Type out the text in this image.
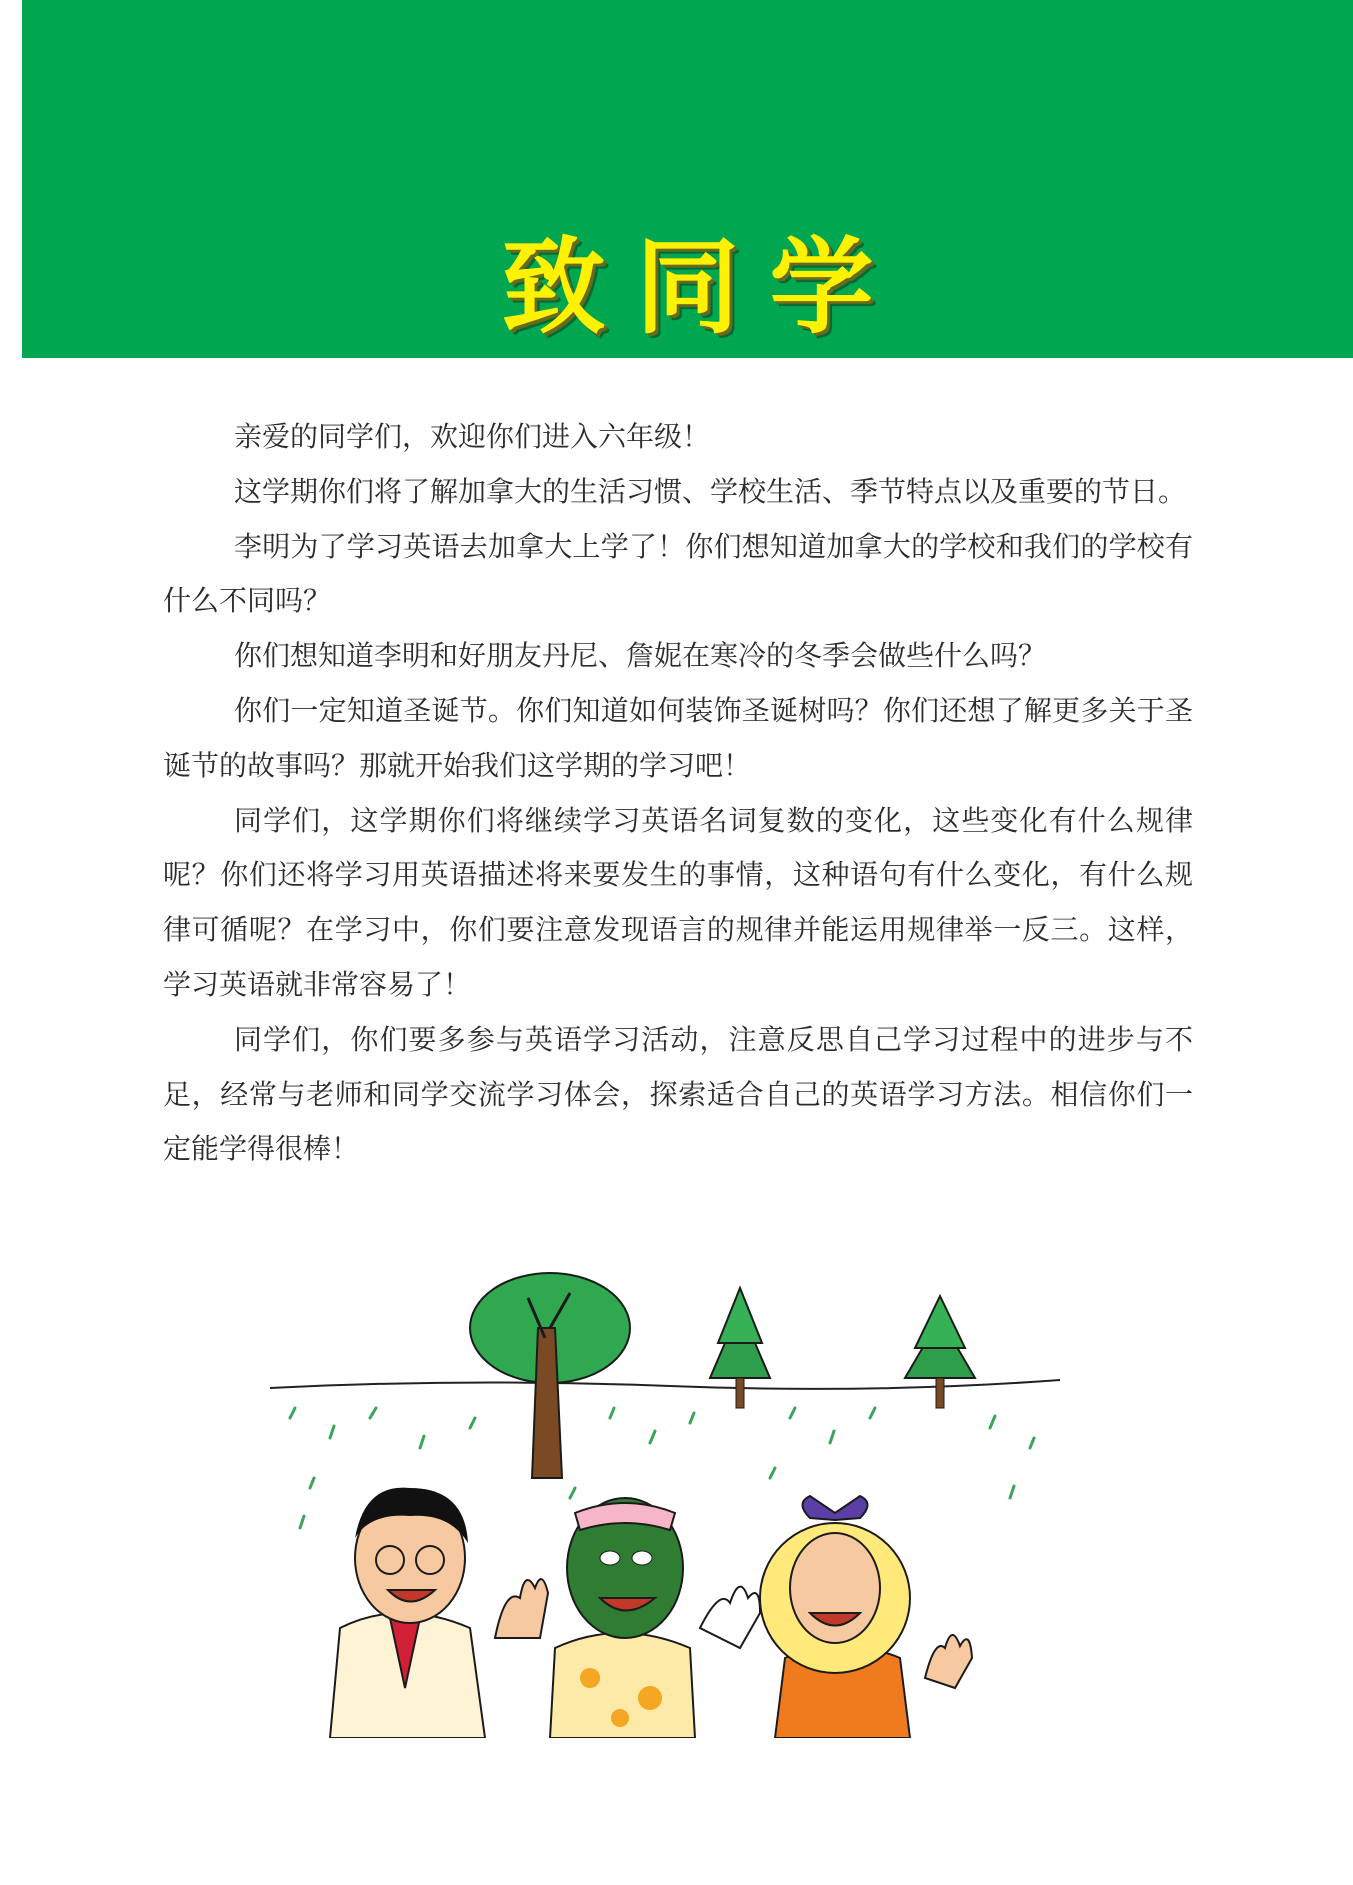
致同学

亲爱的同学们，欢迎你们进入六年级！

这学期你们将了解加拿大的生活习惯、学校生活、季节特点以及重要的节日。

李明为了学习英语去加拿大上学了！你们想知道加拿大的学校和我们的学校有什么不同吗？

你们想知道李明和好朋友丹尼、詹妮在寒冷的冬季会做些什么吗？

你们一定知道圣诞节。你们知道如何装饰圣诞树吗？你们还想了解更多关于圣诞节的故事吗？那就开始我们这学期的学习吧！

同学们，这学期你们将继续学习英语名词复数的变化，这些变化有什么规律呢？你们还将学习用英语描述将来要发生的事情，这种语句有什么变化，有什么规律可循呢？在学习中，你们要注意发现语言的规律并能运用规律举一反三。这样，学习英语就非常容易了！

同学们，你们要多参与英语学习活动，注意反思自己学习过程中的进步与不足，经常与老师和同学交流学习体会，探索适合自己的英语学习方法。相信你们一定能学得很棒！
